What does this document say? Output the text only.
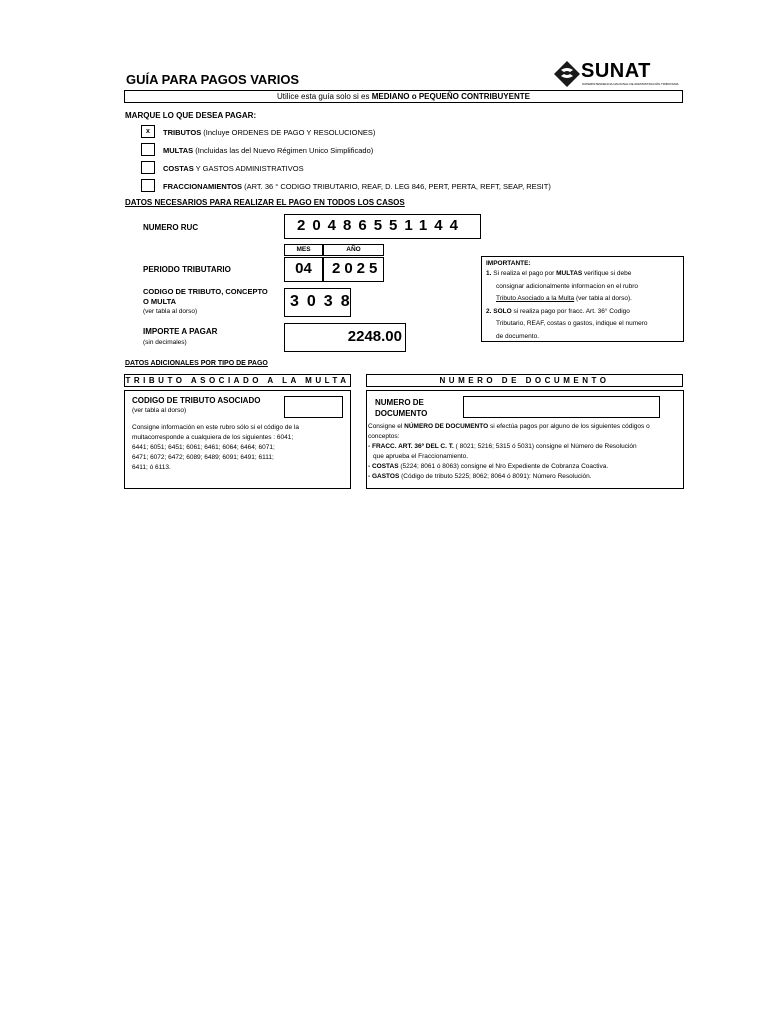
GUÍA PARA PAGOS VARIOS	SUNAT
SUPERINTENDENCIA NACIONAL DE ADMINISTRACIÓN TRIBUTARIA
Utilice esta guía solo si es MEDIANO o PEQUEÑO CONTRIBUYENTE
MARQUE LO QUE DESEA PAGAR:
x	TRIBUTOS (Incluye ORDENES DE PAGO Y RESOLUCIONES)
MULTAS (Incluidas las del Nuevo Régimen Unico Simplificado)
COSTAS Y GASTOS ADMINISTRATIVOS
FRACCIONAMIENTOS (ART. 36 ° CODIGO TRIBUTARIO, REAF, D. LEG 846, PERT, PERTA, REFT, SEAP, RESIT)
DATOS NECESARIOS PARA REALIZAR EL PAGO EN TODOS LOS CASOS
NUMERO RUC	20486551144
MES	AÑO
PERIODO TRIBUTARIO	04	2025
CODIGO DE TRIBUTO, CONCEPTO
O MULTA
(ver tabla al dorso)
3038
IMPORTE A PAGAR
(sin decimales)	2248.00
IMPORTANTE:
1. Si realiza el pago por MULTAS verifique si debe
consignar adicionalmente informacion en el rubro
Tributo Asociado a la Multa (ver tabla al dorso).
2. SOLO si realiza pago por fracc. Art. 36° Codigo
Tributario, REAF, costas o gastos, indique el numero
de documento.
DATOS ADICIONALES POR TIPO DE PAGO
TRIBUTO ASOCIADO A LA MULTA
CODIGO DE TRIBUTO ASOCIADO
(ver tabla al dorso)
Consigne información en este rubro sólo si el código de la
multacorresponde a cualquiera de los siguientes : 6041;
6441; 6051; 6451; 6061; 6461; 6064; 6464; 6071;
6471; 6072; 6472; 6089; 6489; 6091; 6491; 6111;
6411; ó 6113.
NUMERO DE DOCUMENTO
NUMERO DE
DOCUMENTO
Consigne el NÚMERO DE DOCUMENTO si efectúa pagos por alguno de los siguientes códigos o
conceptos:
- FRACC. ART. 36º DEL C. T. ( 8021; 5216; 5315 ó 5031) consigne el Número de Resolución
que aprueba el Fraccionamiento.
- COSTAS (5224; 8061 ó 8063) consigne el Nro Expediente de Cobranza Coactiva.
- GASTOS (Código de tributo 5225; 8062; 8064 ó 8091): Número Resolución.
